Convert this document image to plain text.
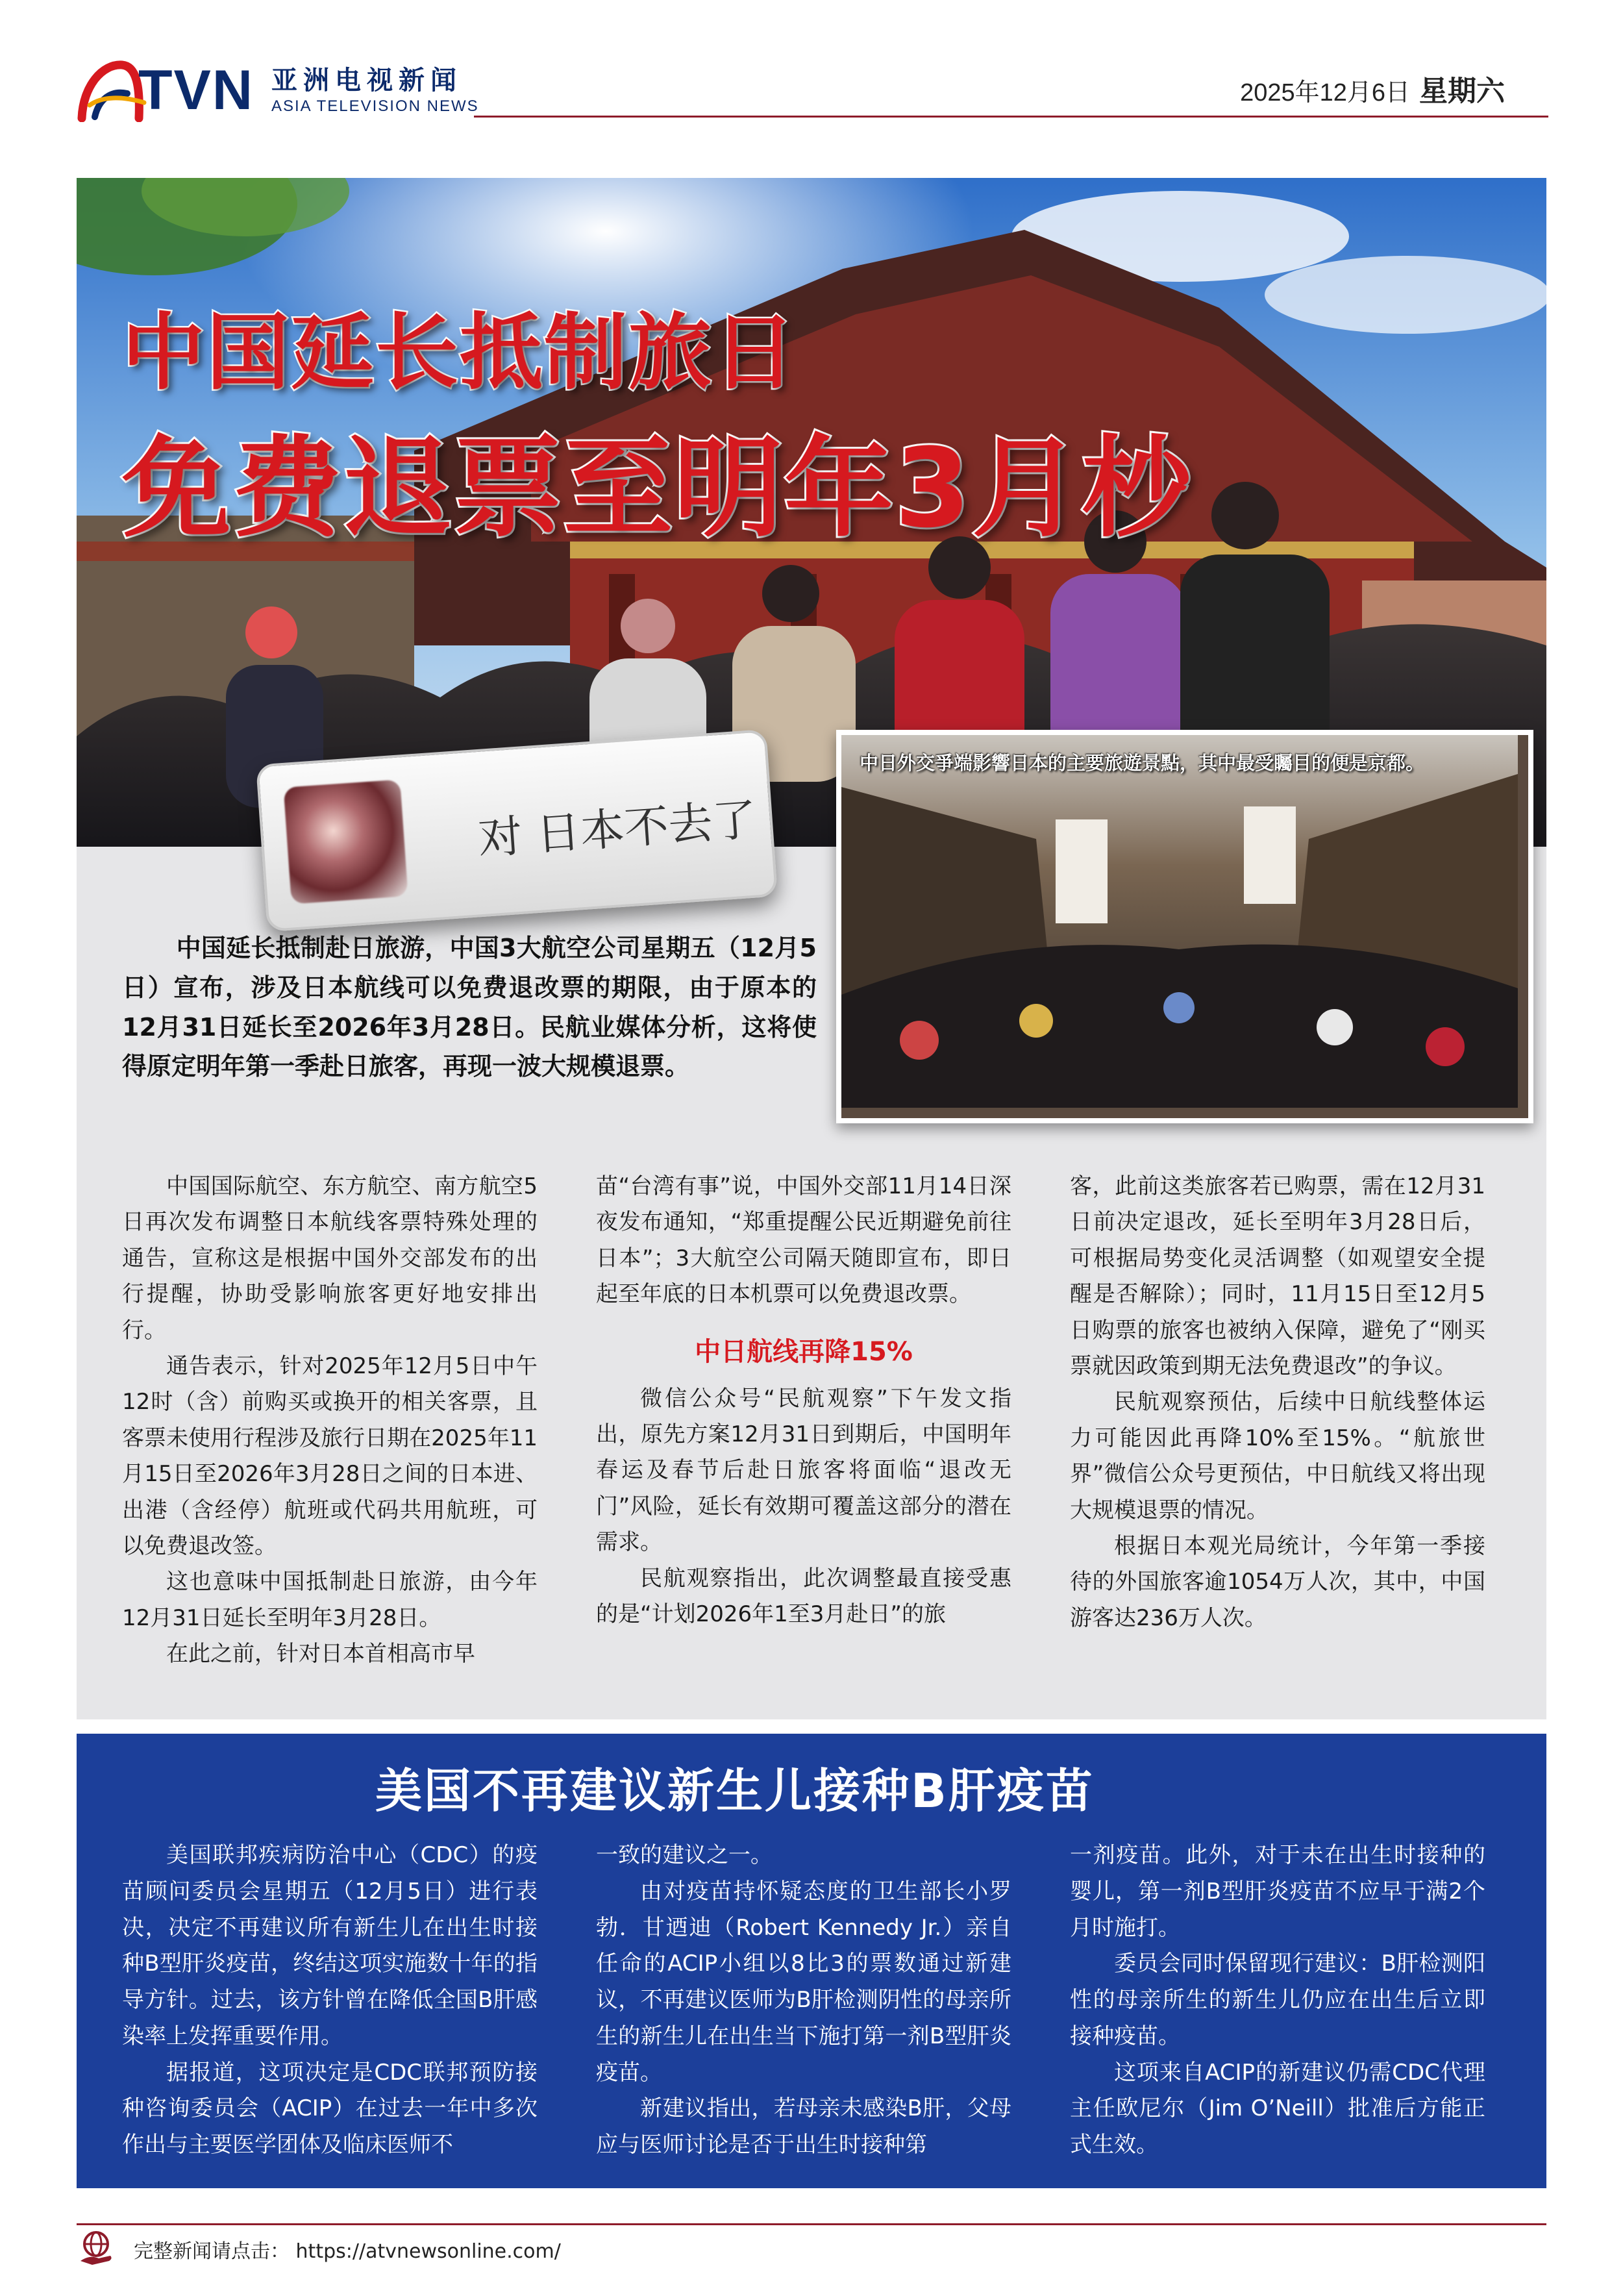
TVN 亚洲电视新闻
ASIA TELEVISION NEWS	2025年12月6日 星期六
中国延长抵制旅日
免费退票至明年3月杪
对 日本不去了
中日外交爭端影響日本的主要旅遊景點，其中最受矚目的便是京都。
中国延长抵制赴日旅游，中国3大航空公司星期五（12月5日）宣布，涉及日本航线可以免费退改票的期限，由于原本的12月31日延长至2026年3月28日。民航业媒体分析，这将使得原定明年第一季赴日旅客，再现一波大规模退票。

中国国际航空、东方航空、南方航空5日再次发布调整日本航线客票特殊处理的通告，宣称这是根据中国外交部发布的出行提醒，协助受影响旅客更好地安排出行。

通告表示，针对2025年12月5日中午12时（含）前购买或换开的相关客票，且客票未使用行程涉及旅行日期在2025年11月15日至2026年3月28日之间的日本进、出港（含经停）航班或代码共用航班，可以免费退改签。

这也意味中国抵制赴日旅游，由今年12月31日延长至明年3月28日。

在此之前，针对日本首相高市早

苗“台湾有事”说，中国外交部11月14日深夜发布通知，“郑重提醒公民近期避免前往日本”；3大航空公司隔天随即宣布，即日起至年底的日本机票可以免费退改票。

中日航线再降15%

微信公众号“民航观察”下午发文指出，原先方案12月31日到期后，中国明年春运及春节后赴日旅客将面临“退改无门”风险，延长有效期可覆盖这部分的潜在需求。

民航观察指出，此次调整最直接受惠的是“计划2026年1至3月赴日”的旅

客，此前这类旅客若已购票，需在12月31日前决定退改，延长至明年3月28日后，可根据局势变化灵活调整（如观望安全提醒是否解除）；同时，11月15日至12月5日购票的旅客也被纳入保障，避免了“刚买票就因政策到期无法免费退改”的争议。

民航观察预估，后续中日航线整体运力可能因此再降10%至15%。“航旅世界”微信公众号更预估，中日航线又将出现大规模退票的情况。

根据日本观光局统计，今年第一季接待的外国旅客逾1054万人次，其中，中国游客达236万人次。

美国不再建议新生儿接种B肝疫苗

美国联邦疾病防治中心（CDC）的疫苗顾问委员会星期五（12月5日）进行表决，决定不再建议所有新生儿在出生时接种B型肝炎疫苗，终结这项实施数十年的指导方针。过去，该方针曾在降低全国B肝感染率上发挥重要作用。

据报道，这项决定是CDC联邦预防接种咨询委员会（ACIP）在过去一年中多次作出与主要医学团体及临床医师不

一致的建议之一。

由对疫苗持怀疑态度的卫生部长小罗勃．甘迺迪（Robert Kennedy Jr.）亲自任命的ACIP小组以8比3的票数通过新建议，不再建议医师为B肝检测阴性的母亲所生的新生儿在出生当下施打第一剂B型肝炎疫苗。

新建议指出，若母亲未感染B肝，父母应与医师讨论是否于出生时接种第

一剂疫苗。此外，对于未在出生时接种的婴儿，第一剂B型肝炎疫苗不应早于满2个月时施打。

委员会同时保留现行建议：B肝检测阳性的母亲所生的新生儿仍应在出生后立即接种疫苗。

这项来自ACIP的新建议仍需CDC代理主任欧尼尔（Jim O’Neill）批准后方能正式生效。

完整新闻请点击： https://atvnewsonline.com/
